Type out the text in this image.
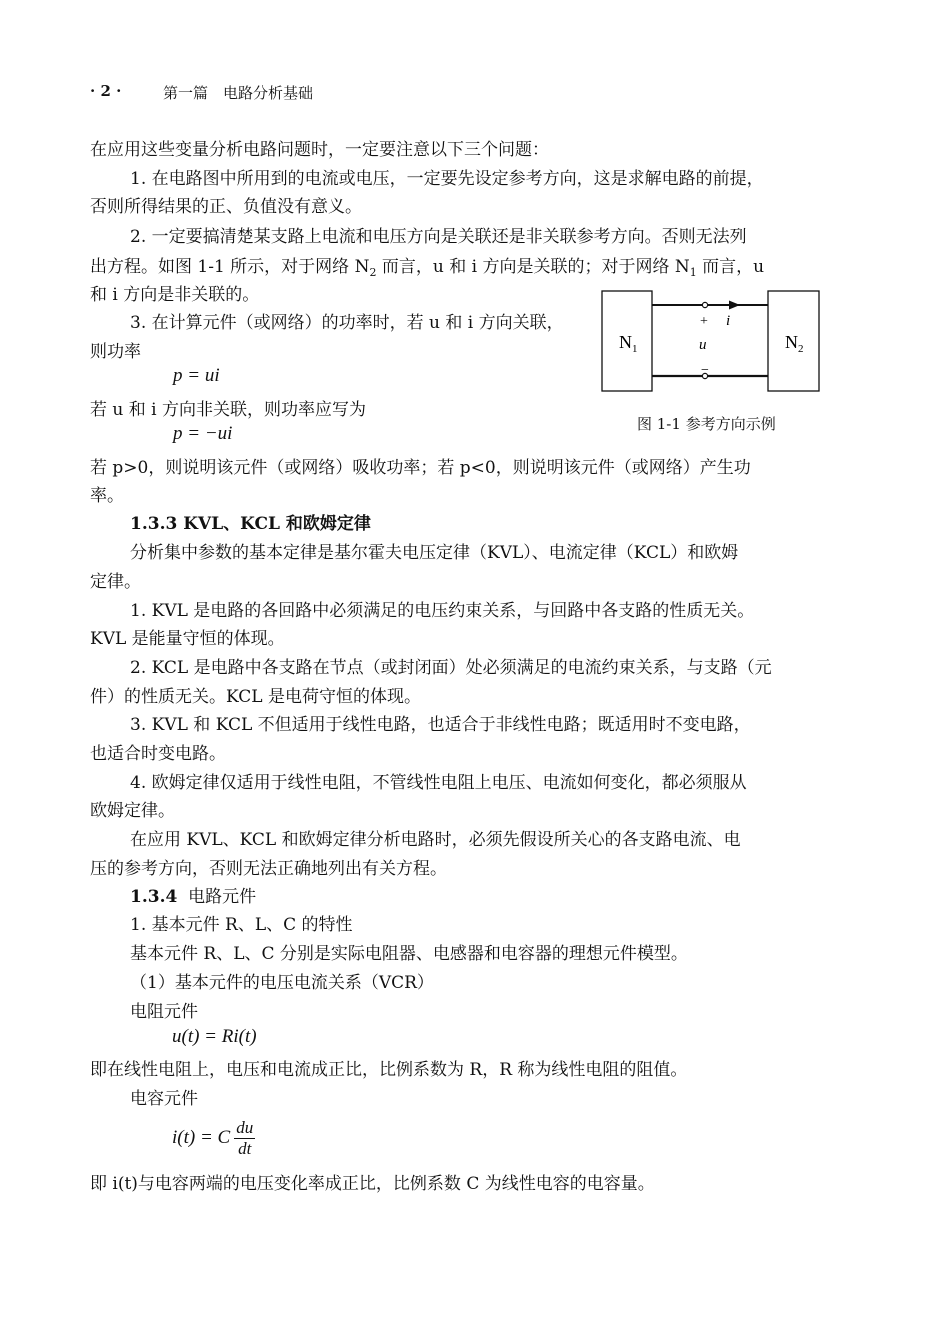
· 2 ·	第一篇　电路分析基础
在应用这些变量分析电路问题时，一定要注意以下三个问题：
1. 在电路图中所用到的电流或电压，一定要先设定参考方向，这是求解电路的前提，
否则所得结果的正、负值没有意义。
2. 一定要搞清楚某支路上电流和电压方向是关联还是非关联参考方向。否则无法列
出方程。如图 1-1 所示，对于网络 $N_2$ 而言，u 和 i 方向是关联的；对于网络 $N_1$ 而言，u
和 i 方向是非关联的。
3. 在计算元件（或网络）的功率时，若 u 和 i 方向关联，
则功率
p = ui
若 u 和 i 方向非关联，则功率应写为
p = −ui
若 p>0，则说明该元件（或网络）吸收功率；若 p<0，则说明该元件（或网络）产生功
率。
1.3.3 KVL、KCL 和欧姆定律
分析集中参数的基本定律是基尔霍夫电压定律（KVL）、电流定律（KCL）和欧姆
定律。
1. KVL 是电路的各回路中必须满足的电压约束关系，与回路中各支路的性质无关。
KVL 是能量守恒的体现。
2. KCL 是电路中各支路在节点（或封闭面）处必须满足的电流约束关系，与支路（元
件）的性质无关。KCL 是电荷守恒的体现。
3. KVL 和 KCL 不但适用于线性电路，也适合于非线性电路；既适用时不变电路，
也适合时变电路。
4. 欧姆定律仅适用于线性电阻，不管线性电阻上电压、电流如何变化，都必须服从
欧姆定律。
在应用 KVL、KCL 和欧姆定律分析电路时，必须先假设所关心的各支路电流、电
压的参考方向，否则无法正确地列出有关方程。
1.3.4 电路元件
1. 基本元件 R、L、C 的特性
基本元件 R、L、C 分别是实际电阻器、电感器和电容器的理想元件模型。
（1）基本元件的电压电流关系（VCR）
电阻元件
u(t) = Ri(t)
即在线性电阻上，电压和电流成正比，比例系数为 R，R 称为线性电阻的阻值。
电容元件
i(t) = C $\frac{du}{dt}$
即 i(t)与电容两端的电压变化率成正比，比例系数 C 为线性电容的电容量。
+ i
u
−
$N_1$	$N_2$
图 1-1 参考方向示例
